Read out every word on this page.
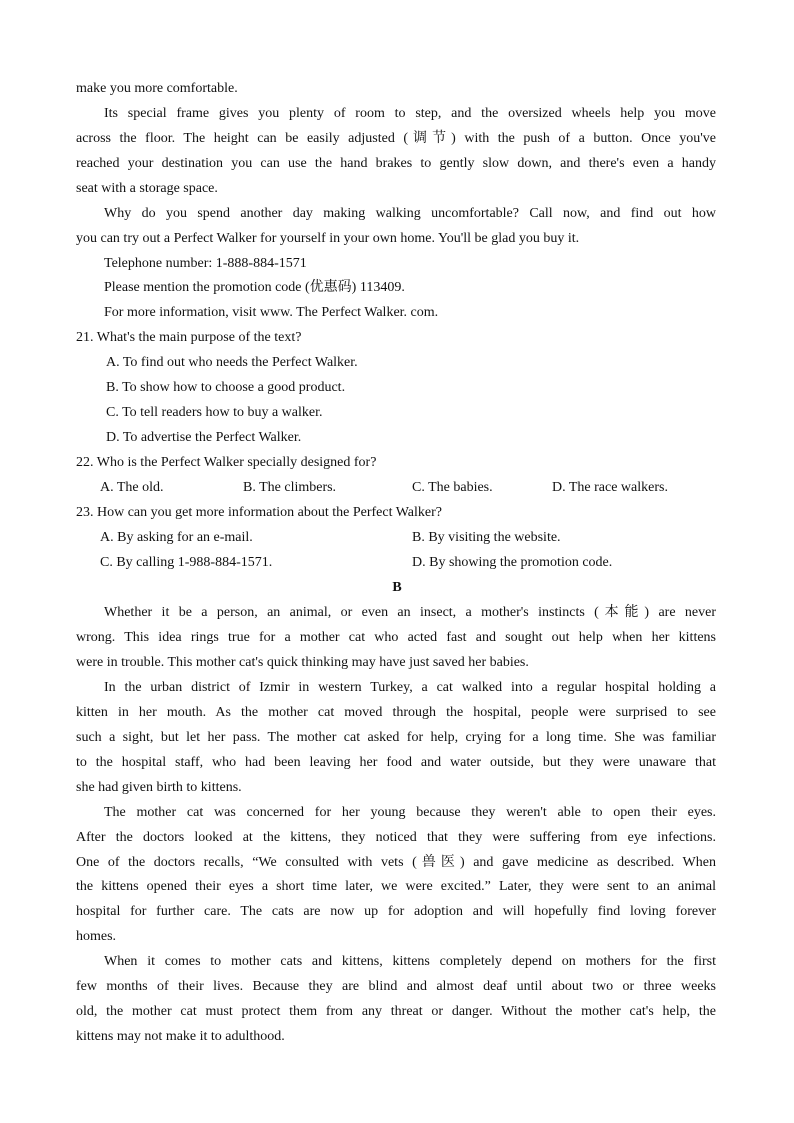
make you more comfortable.
Its special frame gives you plenty of room to step, and the oversized wheels help you move
across the floor. The height can be easily adjusted (调节) with the push of a button. Once you've
reached your destination you can use the hand brakes to gently slow down, and there's even a handy
seat with a storage space.
Why do you spend another day making walking uncomfortable? Call now, and find out how
you can try out a Perfect Walker for yourself in your own home. You'll be glad you buy it.
Telephone number: 1-888-884-1571
Please mention the promotion code (优惠码) 113409.
For more information, visit www. The Perfect Walker. com.
21. What's the main purpose of the text?
A. To find out who needs the Perfect Walker.
B. To show how to choose a good product.
C. To tell readers how to buy a walker.
D. To advertise the Perfect Walker.
22. Who is the Perfect Walker specially designed for?
A. The old.	B. The climbers.	C. The babies.	D. The race walkers.
23. How can you get more information about the Perfect Walker?
A. By asking for an e-mail.	B. By visiting the website.
C. By calling 1-988-884-1571.	D. By showing the promotion code.
B
Whether it be a person, an animal, or even an insect, a mother's instincts (本能) are never
wrong. This idea rings true for a mother cat who acted fast and sought out help when her kittens
were in trouble. This mother cat's quick thinking may have just saved her babies.
In the urban district of Izmir in western Turkey, a cat walked into a regular hospital holding a
kitten in her mouth. As the mother cat moved through the hospital, people were surprised to see
such a sight, but let her pass. The mother cat asked for help, crying for a long time. She was familiar
to the hospital staff, who had been leaving her food and water outside, but they were unaware that
she had given birth to kittens.
The mother cat was concerned for her young because they weren't able to open their eyes.
After the doctors looked at the kittens, they noticed that they were suffering from eye infections.
One of the doctors recalls, “We consulted with vets (兽医) and gave medicine as described. When
the kittens opened their eyes a short time later, we were excited.” Later, they were sent to an animal
hospital for further care. The cats are now up for adoption and will hopefully find loving forever
homes.
When it comes to mother cats and kittens, kittens completely depend on mothers for the first
few months of their lives. Because they are blind and almost deaf until about two or three weeks
old, the mother cat must protect them from any threat or danger. Without the mother cat's help, the
kittens may not make it to adulthood.
